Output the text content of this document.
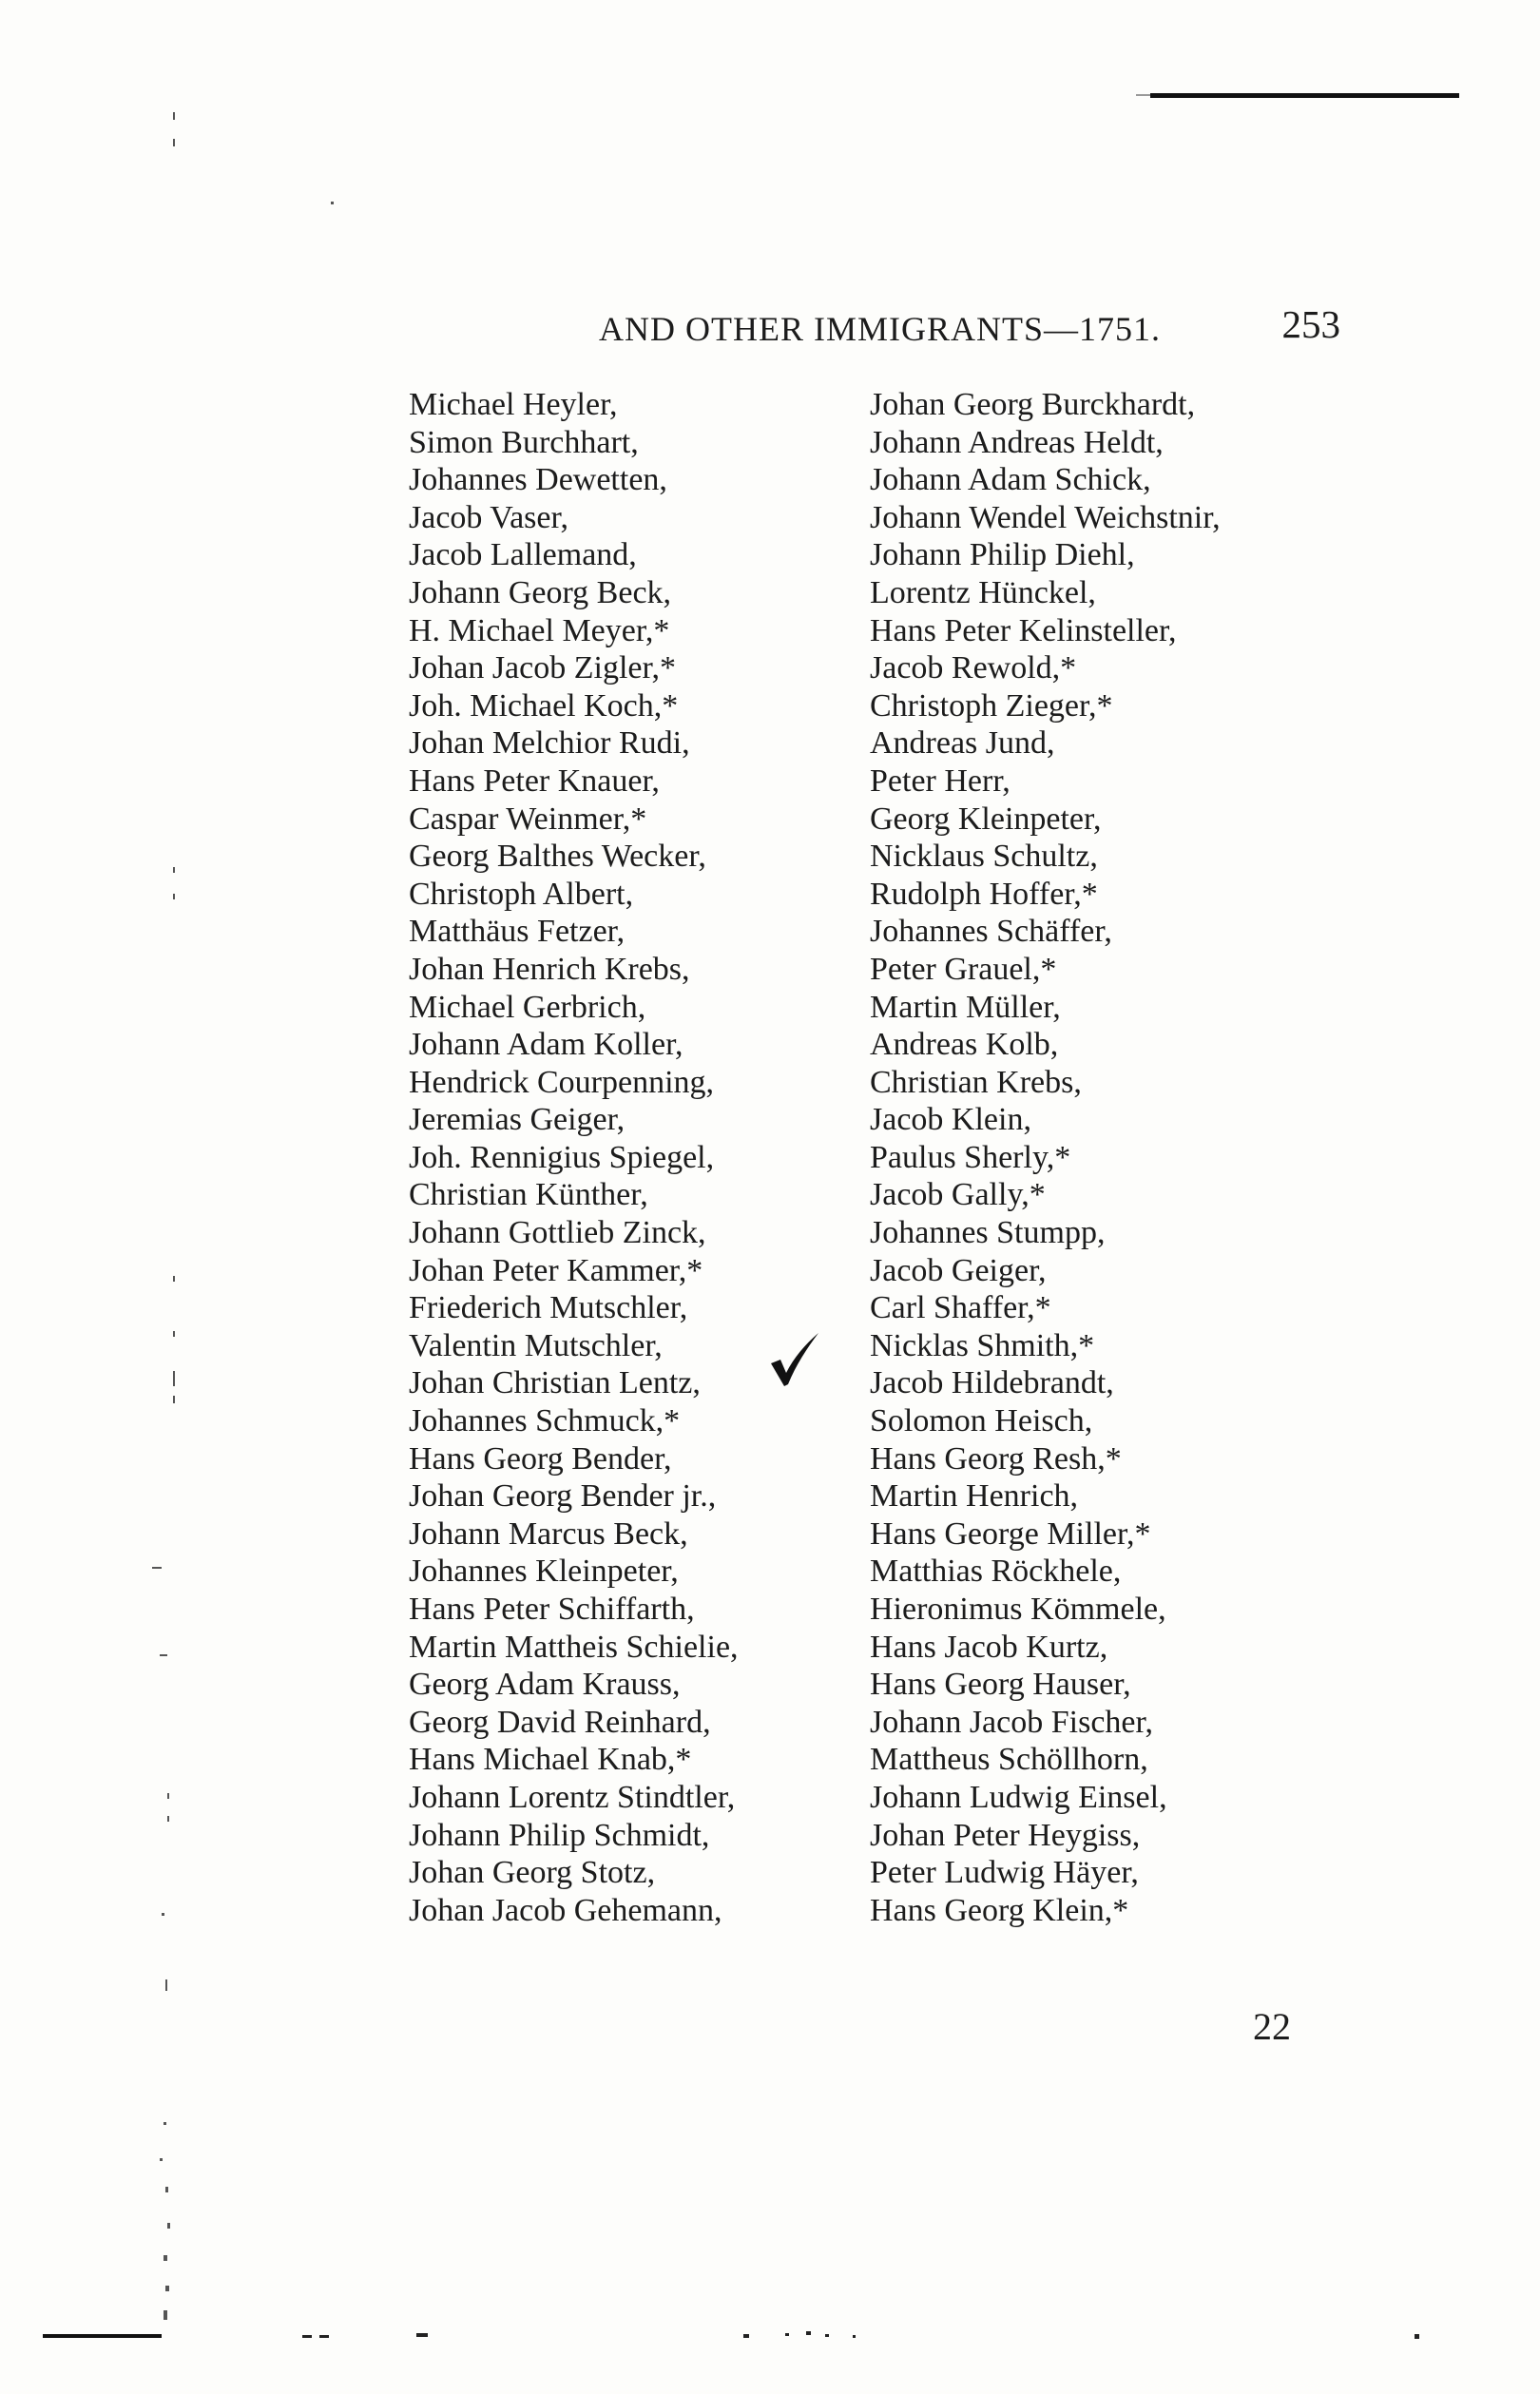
AND OTHER IMMIGRANTS—1751.	253
Michael Heyler,
Simon Burchhart,
Johannes Dewetten,
Jacob Vaser,
Jacob Lallemand,
Johann Georg Beck,
H. Michael Meyer,*
Johan Jacob Zigler,*
Joh. Michael Koch,*
Johan Melchior Rudi,
Hans Peter Knauer,
Caspar Weinmer,*
Georg Balthes Wecker,
Christoph Albert,
Matthäus Fetzer,
Johan Henrich Krebs,
Michael Gerbrich,
Johann Adam Koller,
Hendrick Courpenning,
Jeremias Geiger,
Joh. Rennigius Spiegel,
Christian Künther,
Johann Gottlieb Zinck,
Johan Peter Kammer,*
Friederich Mutschler,
Valentin Mutschler,
Johan Christian Lentz,
Johannes Schmuck,*
Hans Georg Bender,
Johan Georg Bender jr.,
Johann Marcus Beck,
Johannes Kleinpeter,
Hans Peter Schiffarth,
Martin Mattheis Schielie,
Georg Adam Krauss,
Georg David Reinhard,
Hans Michael Knab,*
Johann Lorentz Stindtler,
Johann Philip Schmidt,
Johan Georg Stotz,
Johan Jacob Gehemann,
Johan Georg Burckhardt,
Johann Andreas Heldt,
Johann Adam Schick,
Johann Wendel Weichstnir,
Johann Philip Diehl,
Lorentz Hünckel,
Hans Peter Kelinsteller,
Jacob Rewold,*
Christoph Zieger,*
Andreas Jund,
Peter Herr,
Georg Kleinpeter,
Nicklaus Schultz,
Rudolph Hoffer,*
Johannes Schäffer,
Peter Grauel,*
Martin Müller,
Andreas Kolb,
Christian Krebs,
Jacob Klein,
Paulus Sherly,*
Jacob Gally,*
Johannes Stumpp,
Jacob Geiger,
Carl Shaffer,*
Nicklas Shmith,*
Jacob Hildebrandt,
Solomon Heisch,
Hans Georg Resh,*
Martin Henrich,
Hans George Miller,*
Matthias Röckhele,
Hieronimus Kömmele,
Hans Jacob Kurtz,
Hans Georg Hauser,
Johann Jacob Fischer,
Mattheus Schöllhorn,
Johann Ludwig Einsel,
Johan Peter Heygiss,
Peter Ludwig Häyer,
Hans Georg Klein,*
22
